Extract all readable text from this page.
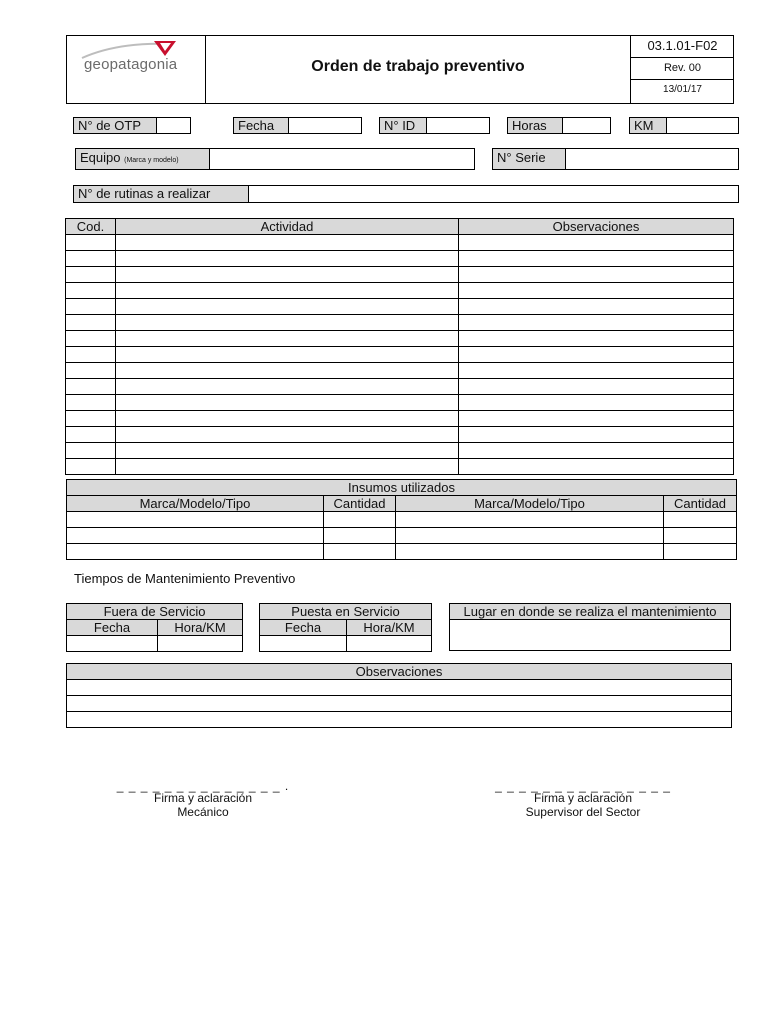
geopatagonia	Orden de trabajo preventivo
03.1.01-F02
Rev. 00
13/01/17
N° de OTP	Fecha	N° ID	Horas	KM
Equipo (Marca y modelo)	N° Serie
N° de rutinas a realizar
Cod.	Actividad	Observaciones

Insumos utilizados			
Marca/Modelo/Tipo	Cantidad	Marca/Modelo/Tipo	Cantidad

Tiempos de Mantenimiento Preventivo
Fuera de Servicio	
Fecha	Hora/KM

Puesta en Servicio	
Fecha	Hora/KM

Lugar en donde se realiza el mantenimiento
Observaciones

_ _ _ _ _ _ _ _ _ _ _ _ _ _ .
Firma y aclaración
Mecánico
_ _ _ _ _ _ _ _ _ _ _ _ _ _ _
Firma y aclaración
Supervisor del Sector
